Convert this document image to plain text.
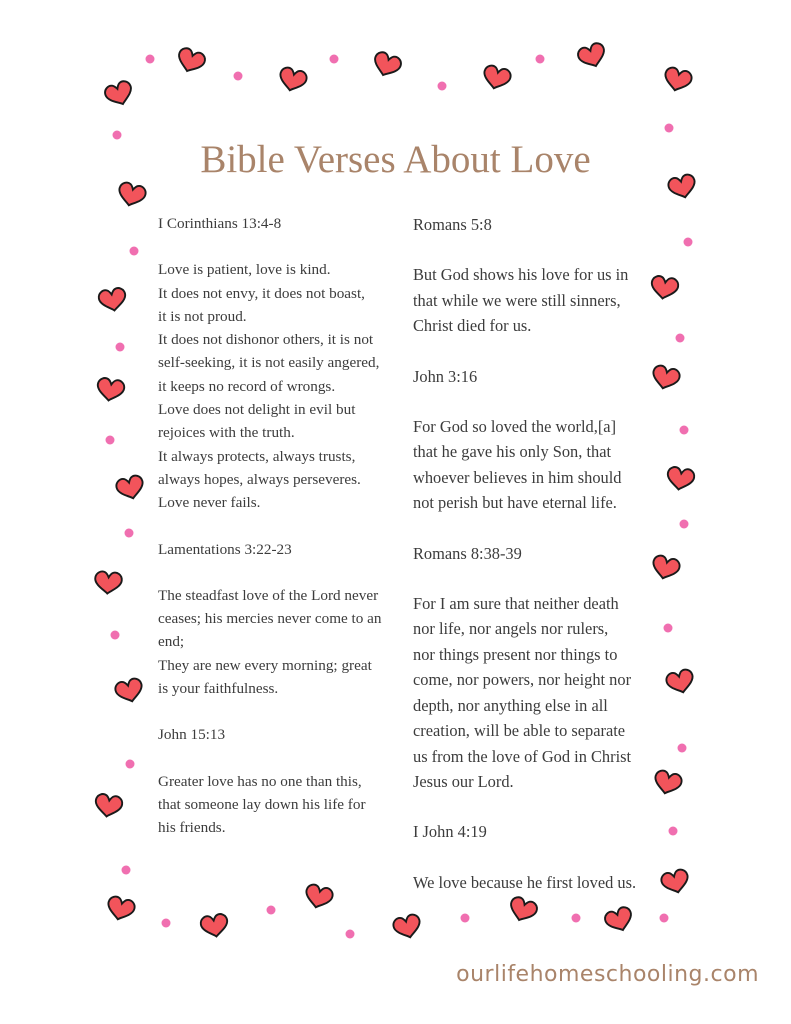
Bible Verses About Love
I Corinthians 13:4-8
Love is patient, love is kind.
It does not envy, it does not boast,
it is not proud.
It does not dishonor others, it is not
self-seeking, it is not easily angered,
it keeps no record of wrongs.
Love does not delight in evil but
rejoices with the truth.
It always protects, always trusts,
always hopes, always perseveres.
Love never fails.
Lamentations 3:22-23
The steadfast love of the Lord never
ceases; his mercies never come to an
end;
They are new every morning; great
is your faithfulness.
John 15:13
Greater love has no one than this,
that someone lay down his life for
his friends.
Romans 5:8
But God shows his love for us in
that while we were still sinners,
Christ died for us.
John 3:16
For God so loved the world,[a]
that he gave his only Son, that
whoever believes in him should
not perish but have eternal life.
Romans 8:38-39
For I am sure that neither death
nor life, nor angels nor rulers,
nor things present nor things to
come, nor powers, nor height nor
depth, nor anything else in all
creation, will be able to separate
us from the love of God in Christ
Jesus our Lord.
I John 4:19
We love because he first loved us.
ourlifehomeschooling.com
